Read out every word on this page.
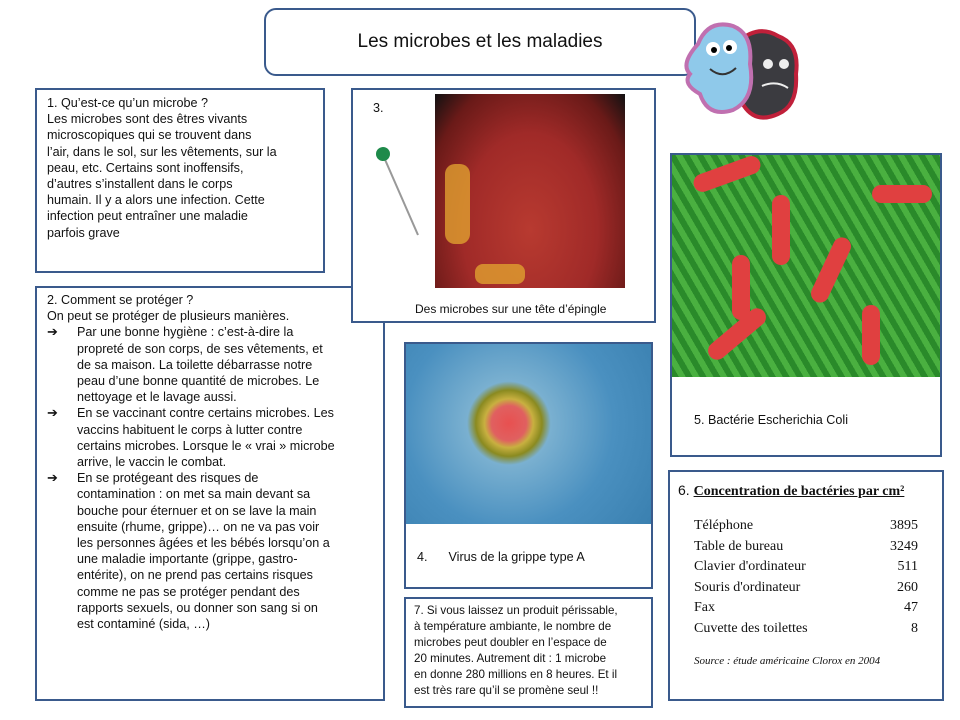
Les microbes et les maladies
1. Qu’est-ce qu’un microbe ?
Les microbes sont des êtres vivants
microscopiques qui se trouvent dans
l’air, dans le sol, sur les vêtements, sur la
peau, etc. Certains sont inoffensifs,
d’autres s’installent dans le corps
humain. Il y a alors une infection. Cette
infection peut entraîner une maladie
parfois grave
2. Comment se protéger ?
On peut se protéger de plusieurs manières.
➔ Par une bonne hygiène : c’est-à-dire la
propreté de son corps, de ses vêtements, et
de sa maison. La toilette débarrasse notre
peau d’une bonne quantité de microbes. Le
nettoyage et le lavage aussi.
➔ En se vaccinant contre certains microbes. Les
vaccins habituent le corps à lutter contre
certains microbes. Lorsque le « vrai » microbe
arrive, le vaccin le combat.
➔ En se protégeant des risques de
contamination : on met sa main devant sa
bouche pour éternuer et on se lave la main
ensuite (rhume, grippe)… on ne va pas voir
les personnes âgées et les bébés lorsqu’on a
une maladie importante (grippe, gastro-
entérite), on ne prend pas certains risques
comme ne pas se protéger pendant des
rapports sexuels, ou donner son sang si on
est contaminé (sida, …)
3.
Des microbes sur une tête d’épingle
4.      Virus de la grippe type A
5. Bactérie Escherichia Coli
6. Concentration de bactéries par cm²
Téléphone	3895
Table de bureau	3249
Clavier d'ordinateur	511
Souris d'ordinateur	260
Fax	47
Cuvette des toilettes	8
Source : étude américaine Clorox en 2004
7. Si vous laissez un produit périssable,
à température ambiante, le nombre de
microbes peut doubler en l’espace de
20 minutes. Autrement dit : 1 microbe
en donne 280 millions en 8 heures. Et il
est très rare qu’il se promène seul !!
